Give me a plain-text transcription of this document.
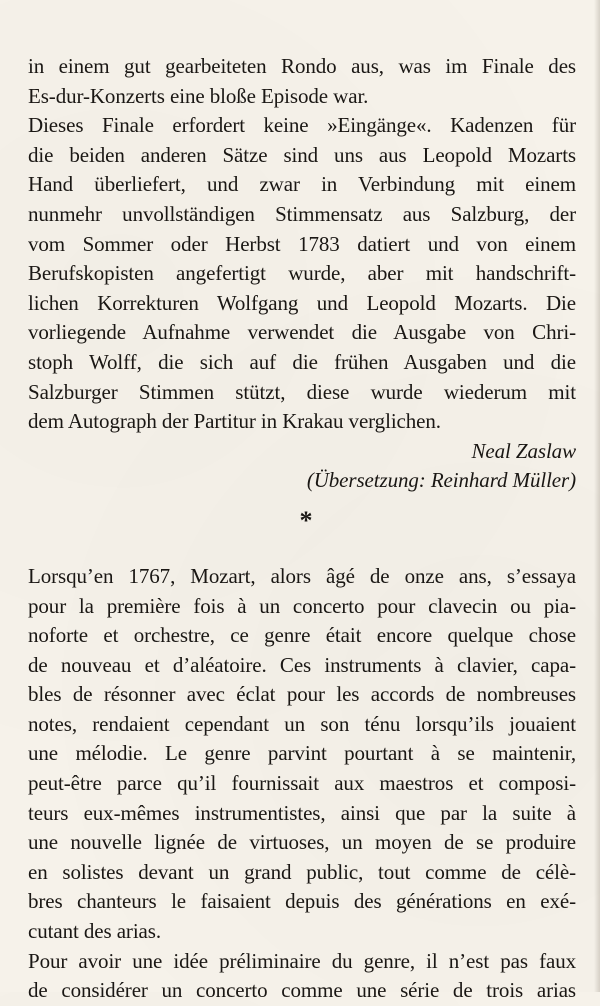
in einem gut gearbeiteten Rondo aus, was im Finale des
Es-dur-Konzerts eine bloße Episode war.
Dieses Finale erfordert keine »Eingänge«. Kadenzen für
die beiden anderen Sätze sind uns aus Leopold Mozarts
Hand überliefert, und zwar in Verbindung mit einem
nunmehr unvollständigen Stimmensatz aus Salzburg, der
vom Sommer oder Herbst 1783 datiert und von einem
Berufskopisten angefertigt wurde, aber mit handschrift-
lichen Korrekturen Wolfgang und Leopold Mozarts. Die
vorliegende Aufnahme verwendet die Ausgabe von Chri-
stoph Wolff, die sich auf die frühen Ausgaben und die
Salzburger Stimmen stützt, diese wurde wiederum mit
dem Autograph der Partitur in Krakau verglichen.
Neal Zaslaw
(Übersetzung: Reinhard Müller)
*
Lorsqu’en 1767, Mozart, alors âgé de onze ans, s’essaya
pour la première fois à un concerto pour clavecin ou pia-
noforte et orchestre, ce genre était encore quelque chose
de nouveau et d’aléatoire. Ces instruments à clavier, capa-
bles de résonner avec éclat pour les accords de nombreuses
notes, rendaient cependant un son ténu lorsqu’ils jouaient
une mélodie. Le genre parvint pourtant à se maintenir,
peut-être parce qu’il fournissait aux maestros et composi-
teurs eux-mêmes instrumentistes, ainsi que par la suite à
une nouvelle lignée de virtuoses, un moyen de se produire
en solistes devant un grand public, tout comme de célè-
bres chanteurs le faisaient depuis des générations en exé-
cutant des arias.
Pour avoir une idée préliminaire du genre, il n’est pas faux
de considérer un concerto comme une série de trois arias
